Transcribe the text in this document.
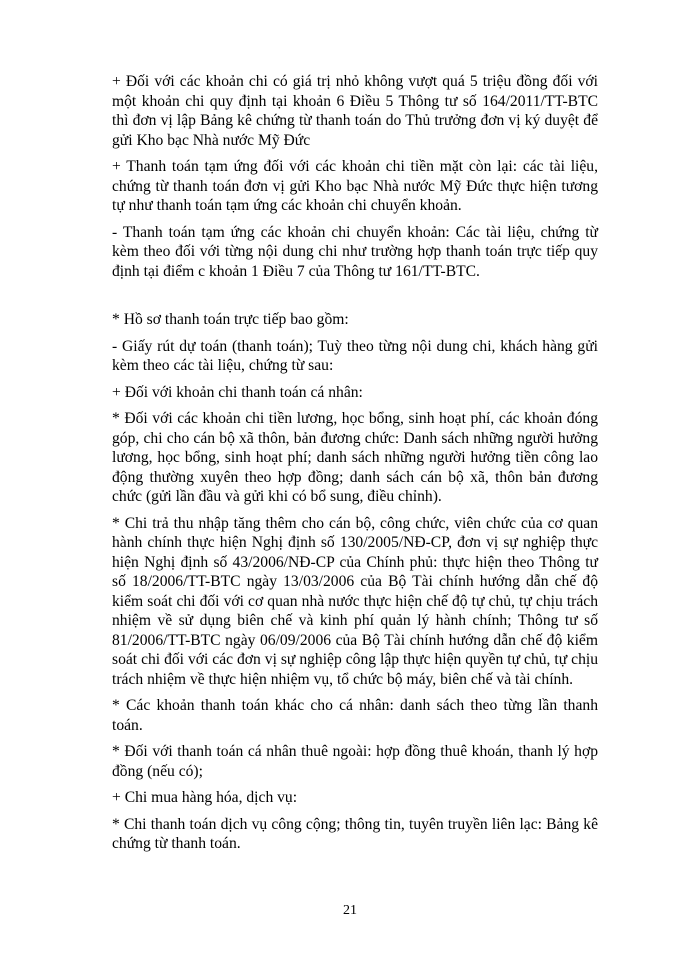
+ Đối với các khoản chi có giá trị nhỏ không vượt quá 5 triệu đồng đối với một khoản chi quy định tại khoản 6 Điều 5 Thông tư số 164/2011/TT-BTC thì đơn vị lập Bảng kê chứng từ thanh toán do Thủ trưởng đơn vị ký duyệt để gửi Kho bạc Nhà nước Mỹ Đức

+ Thanh toán tạm ứng đối với các khoản chi tiền mặt còn lại: các tài liệu, chứng từ thanh toán đơn vị gửi Kho bạc Nhà nước Mỹ Đức thực hiện tương tự như thanh toán tạm ứng các khoản chi chuyển khoản.

- Thanh toán tạm ứng các khoản chi chuyển khoản: Các tài liệu, chứng từ kèm theo đối với từng nội dung chi như trường hợp thanh toán trực tiếp quy định tại điểm c khoản 1 Điều 7 của Thông tư 161/TT-BTC.

* Hồ sơ thanh toán trực tiếp bao gồm:

- Giấy rút dự toán (thanh toán); Tuỳ theo từng nội dung chi, khách hàng gửi kèm theo các tài liệu, chứng từ sau:

+ Đối với khoản chi thanh toán cá nhân:

* Đối với các khoản chi tiền lương, học bổng, sinh hoạt phí, các khoản đóng góp, chi cho cán bộ xã thôn, bản đương chức: Danh sách những người hưởng lương, học bổng, sinh hoạt phí; danh sách những người hưởng tiền công lao động thường xuyên theo hợp đồng; danh sách cán bộ xã, thôn bản đương chức (gửi lần đầu và gửi khi có bổ sung, điều chỉnh).

* Chi trả thu nhập tăng thêm cho cán bộ, công chức, viên chức của cơ quan hành chính thực hiện Nghị định số 130/2005/NĐ-CP, đơn vị sự nghiệp thực hiện Nghị định số 43/2006/NĐ-CP của Chính phủ: thực hiện theo Thông tư số 18/2006/TT-BTC ngày 13/03/2006 của Bộ Tài chính hướng dẫn chế độ kiểm soát chi đối với cơ quan nhà nước thực hiện chế độ tự chủ, tự chịu trách nhiệm về sử dụng biên chế và kinh phí quản lý hành chính; Thông tư số 81/2006/TT-BTC ngày 06/09/2006 của Bộ Tài chính hướng dẫn chế độ kiểm soát chi đối với các đơn vị sự nghiệp công lập thực hiện quyền tự chủ, tự chịu trách nhiệm về thực hiện nhiệm vụ, tổ chức bộ máy, biên chế và tài chính.

* Các khoản thanh toán khác cho cá nhân: danh sách theo từng lần thanh toán.

* Đối với thanh toán cá nhân thuê ngoài: hợp đồng thuê khoán, thanh lý hợp đồng (nếu có);

+ Chi mua hàng hóa, dịch vụ:

* Chi thanh toán dịch vụ công cộng; thông tin, tuyên truyền liên lạc: Bảng kê chứng từ thanh toán.

21
